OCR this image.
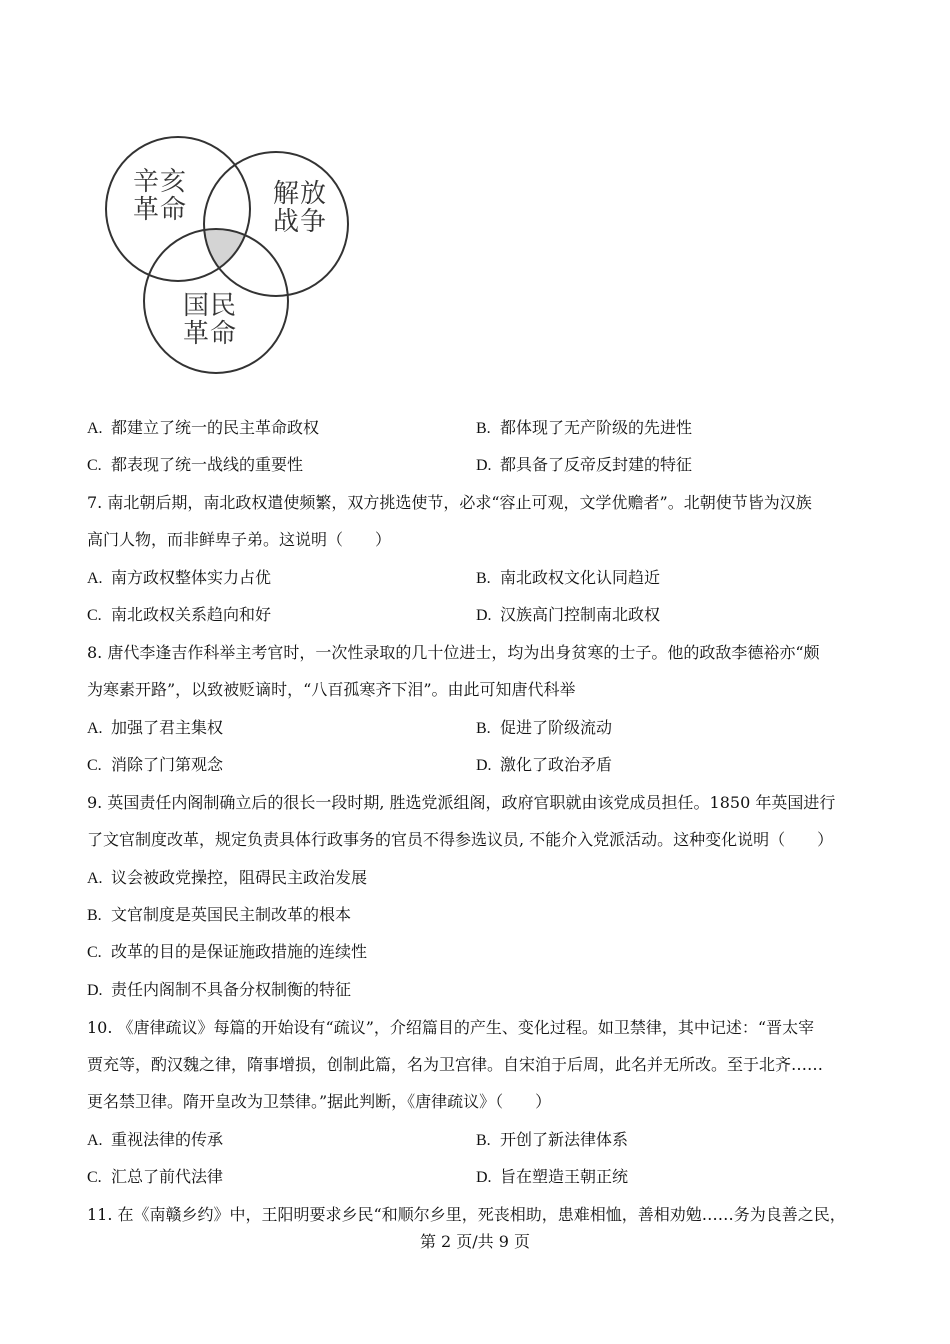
辛亥
革命
解放
战争
国民
革命
A. 都建立了统一的民主革命政权	B. 都体现了无产阶级的先进性
C. 都表现了统一战线的重要性	D. 都具备了反帝反封建的特征
7. 南北朝后期，南北政权遣使频繁，双方挑选使节，必求“容止可观，文学优赡者”。北朝使节皆为汉族
高门人物，而非鲜卑子弟。这说明（　　）
A. 南方政权整体实力占优	B. 南北政权文化认同趋近
C. 南北政权关系趋向和好	D. 汉族高门控制南北政权
8. 唐代李逢吉作科举主考官时，一次性录取的几十位进士，均为出身贫寒的士子。他的政敌李德裕亦“颇
为寒素开路”，以致被贬谪时，“八百孤寒齐下泪”。由此可知唐代科举
A. 加强了君主集权	B. 促进了阶级流动
C. 消除了门第观念	D. 激化了政治矛盾
9. 英国责任内阁制确立后的很长一段时期, 胜选党派组阁，政府官职就由该党成员担任。1850 年英国进行
了文官制度改革，规定负责具体行政事务的官员不得参选议员, 不能介入党派活动。这种变化说明（　　）
A. 议会被政党操控，阻碍民主政治发展
B. 文官制度是英国民主制改革的根本
C. 改革的目的是保证施政措施的连续性
D. 责任内阁制不具备分权制衡的特征
10. 《唐律疏议》每篇的开始设有“疏议”，介绍篇目的产生、变化过程。如卫禁律，其中记述：“晋太宰
贾充等，酌汉魏之律，隋事增损，创制此篇，名为卫宫律。自宋洎于后周，此名并无所改。至于北齐……
更名禁卫律。隋开皇改为卫禁律。”据此判断，《唐律疏议》（　　）
A. 重视法律的传承	B. 开创了新法律体系
C. 汇总了前代法律	D. 旨在塑造王朝正统
11. 在《南赣乡约》中，王阳明要求乡民“和顺尔乡里，死丧相助，患难相恤，善相劝勉……务为良善之民，
第 2 页/共 9 页
